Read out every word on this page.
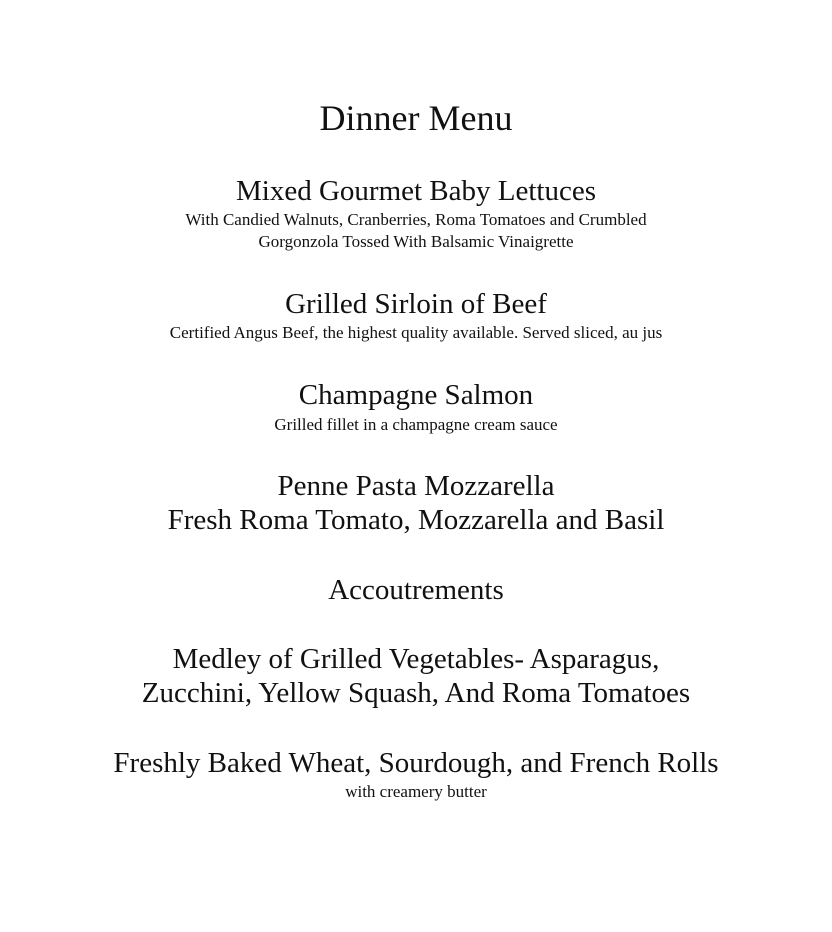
Dinner Menu
Mixed Gourmet Baby Lettuces
With Candied Walnuts, Cranberries, Roma Tomatoes and Crumbled
Gorgonzola Tossed With Balsamic Vinaigrette
Grilled Sirloin of Beef
Certified Angus Beef, the highest quality available. Served sliced, au jus
Champagne Salmon
Grilled fillet in a champagne cream sauce
Penne Pasta Mozzarella
Fresh Roma Tomato, Mozzarella and Basil
Accoutrements
Medley of Grilled Vegetables- Asparagus,
Zucchini, Yellow Squash, And Roma Tomatoes
Freshly Baked Wheat, Sourdough, and French Rolls
with creamery butter
